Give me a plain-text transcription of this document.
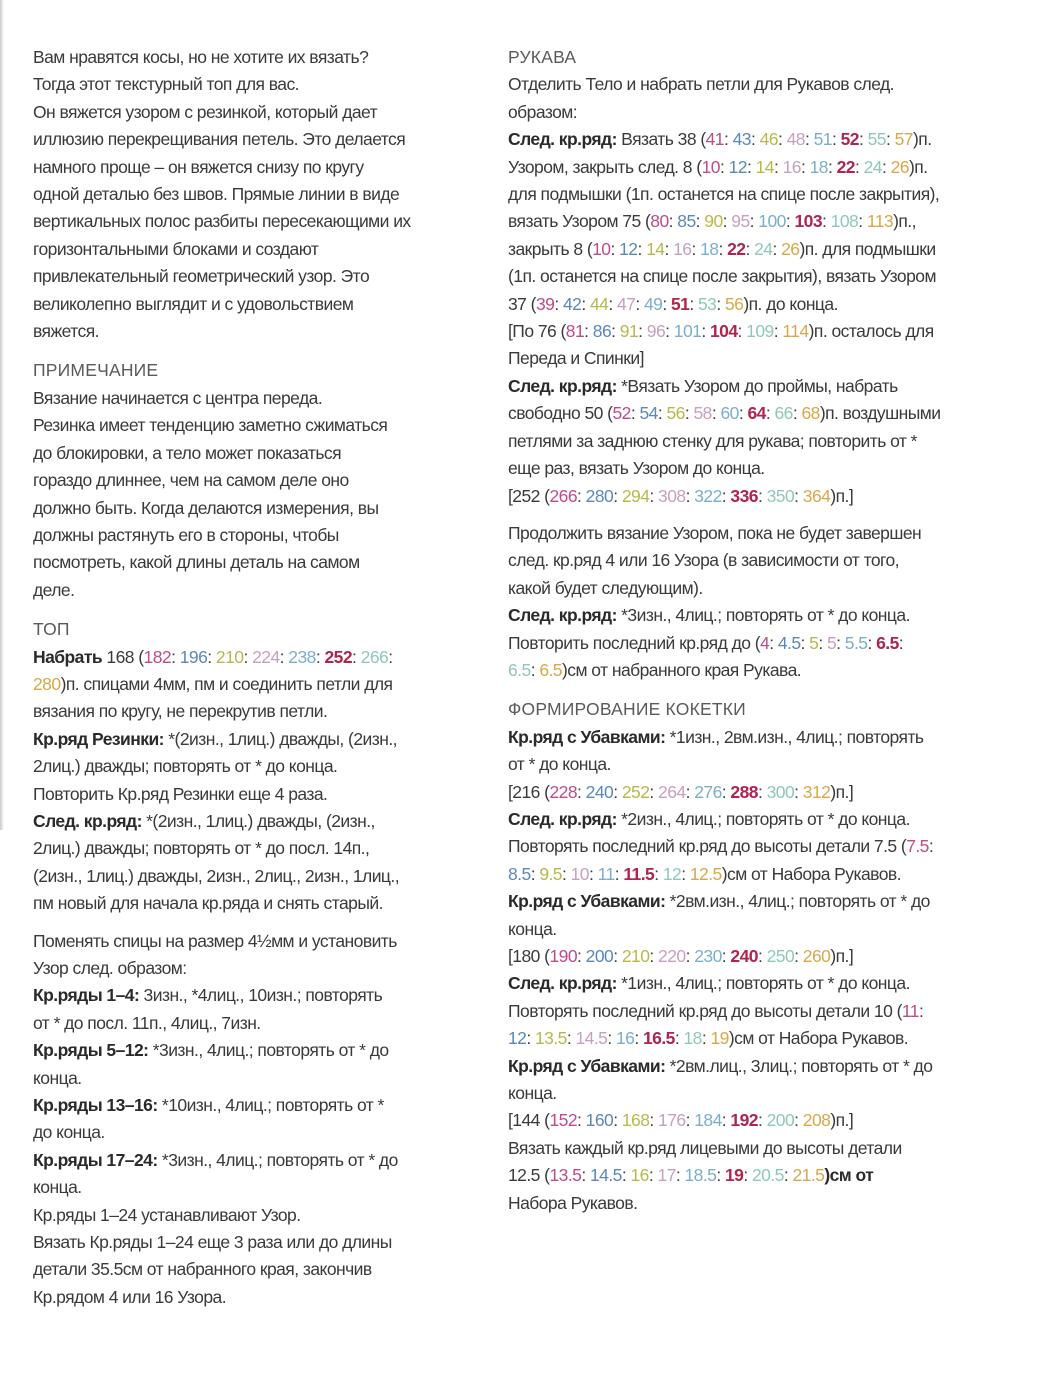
Вам нравятся косы, но не хотите их вязать?

Тогда этот текстурный топ для вас.

Он вяжется узором с резинкой, который дает

иллюзию перекрещивания петель. Это делается

намного проще – он вяжется снизу по кругу

одной деталью без швов. Прямые линии в виде

вертикальных полос разбиты пересекающими их

горизонтальными блоками и создают

привлекательный геометрический узор. Это

великолепно выглядит и с удовольствием

вяжется.

ПРИМЕЧАНИЕ

Вязание начинается с центра переда.

Резинка имеет тенденцию заметно сжиматься

до блокировки, а тело может показаться

гораздо длиннее, чем на самом деле оно

должно быть. Когда делаются измерения, вы

должны растянуть его в стороны, чтобы

посмотреть, какой длины деталь на самом

деле.

ТОП

Набрать 168 (182: 196: 210: 224: 238: 252: 266:

280)п. спицами 4мм, пм и соединить петли для

вязания по кругу, не перекрутив петли.

Кр.ряд Резинки: *(2изн., 1лиц.) дважды, (2изн.,

2лиц.) дважды; повторять от * до конца.

Повторить Кр.ряд Резинки еще 4 раза.

След. кр.ряд: *(2изн., 1лиц.) дважды, (2изн.,

2лиц.) дважды; повторять от * до посл. 14п.,

(2изн., 1лиц.) дважды, 2изн., 2лиц., 2изн., 1лиц.,

пм новый для начала кр.ряда и снять старый.

Поменять спицы на размер 4½мм и установить

Узор след. образом:

Кр.ряды 1–4: 3изн., *4лиц., 10изн.; повторять

от * до посл. 11п., 4лиц., 7изн.

Кр.ряды 5–12: *3изн., 4лиц.; повторять от * до

конца.

Кр.ряды 13–16: *10изн., 4лиц.; повторять от *

до конца.

Кр.ряды 17–24: *3изн., 4лиц.; повторять от * до

конца.

Кр.ряды 1–24 устанавливают Узор.

Вязать Кр.ряды 1–24 еще 3 раза или до длины

детали 35.5см от набранного края, закончив

Кр.рядом 4 или 16 Узора.

РУКАВА

Отделить Тело и набрать петли для Рукавов след.

образом:

След. кр.ряд: Вязать 38 (41: 43: 46: 48: 51: 52: 55: 57)п.

Узором, закрыть след. 8 (10: 12: 14: 16: 18: 22: 24: 26)п.

для подмышки (1п. останется на спице после закрытия),

вязать Узором 75 (80: 85: 90: 95: 100: 103: 108: 113)п.,

закрыть 8 (10: 12: 14: 16: 18: 22: 24: 26)п. для подмышки

(1п. останется на спице после закрытия), вязать Узором

37 (39: 42: 44: 47: 49: 51: 53: 56)п. до конца.

[По 76 (81: 86: 91: 96: 101: 104: 109: 114)п. осталось для

Переда и Спинки]

След. кр.ряд: *Вязать Узором до проймы, набрать

свободно 50 (52: 54: 56: 58: 60: 64: 66: 68)п. воздушными

петлями за заднюю стенку для рукава; повторить от *

еще раз, вязать Узором до конца.

[252 (266: 280: 294: 308: 322: 336: 350: 364)п.]

Продолжить вязание Узором, пока не будет завершен

след. кр.ряд 4 или 16 Узора (в зависимости от того,

какой будет следующим).

След. кр.ряд: *3изн., 4лиц.; повторять от * до конца.

Повторить последний кр.ряд до (4: 4.5: 5: 5: 5.5: 6.5:

6.5: 6.5)см от набранного края Рукава.

ФОРМИРОВАНИЕ КОКЕТКИ

Кр.ряд с Убавками: *1изн., 2вм.изн., 4лиц.; повторять

от * до конца.

[216 (228: 240: 252: 264: 276: 288: 300: 312)п.]

След. кр.ряд: *2изн., 4лиц.; повторять от * до конца.

Повторять последний кр.ряд до высоты детали 7.5 (7.5:

8.5: 9.5: 10: 11: 11.5: 12: 12.5)см от Набора Рукавов.

Кр.ряд с Убавками: *2вм.изн., 4лиц.; повторять от * до

конца.

[180 (190: 200: 210: 220: 230: 240: 250: 260)п.]

След. кр.ряд: *1изн., 4лиц.; повторять от * до конца.

Повторять последний кр.ряд до высоты детали 10 (11:

12: 13.5: 14.5: 16: 16.5: 18: 19)см от Набора Рукавов.

Кр.ряд с Убавками: *2вм.лиц., 3лиц.; повторять от * до

конца.

[144 (152: 160: 168: 176: 184: 192: 200: 208)п.]

Вязать каждый кр.ряд лицевыми до высоты детали

12.5 (13.5: 14.5: 16: 17: 18.5: 19: 20.5: 21.5)см от

Набора Рукавов.
